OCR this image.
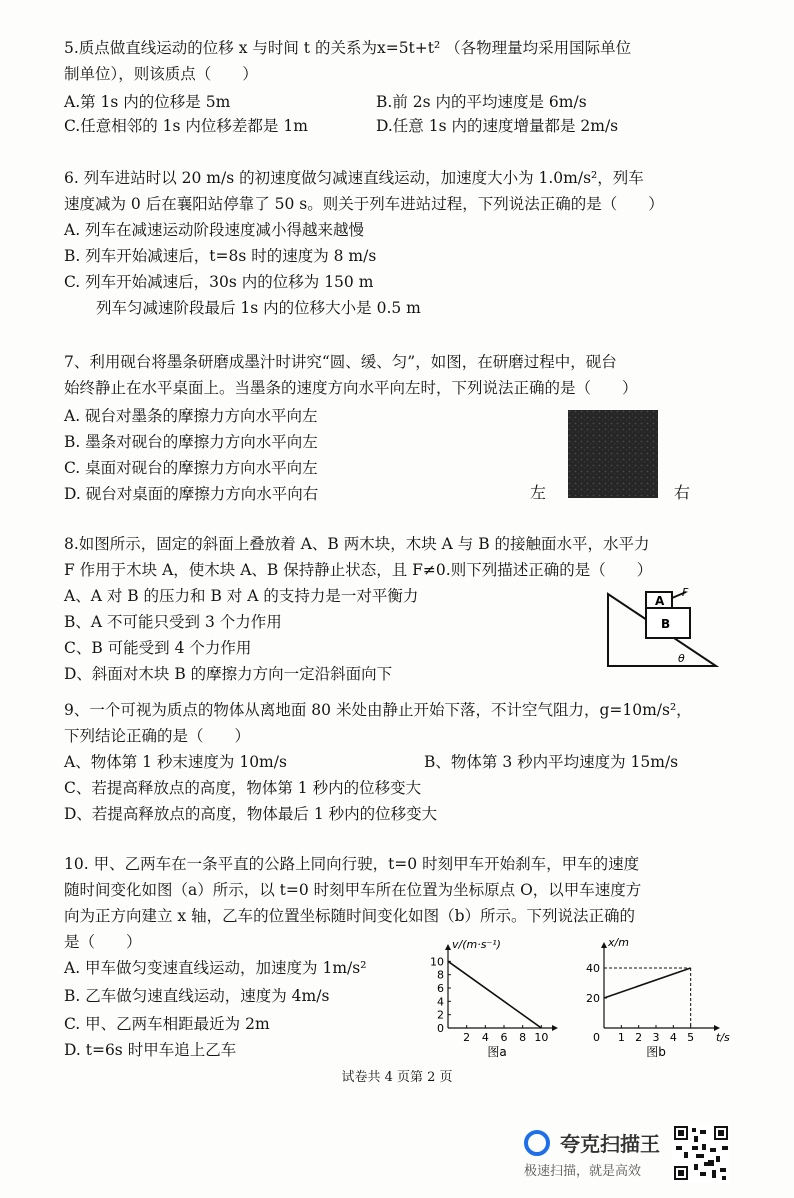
5.质点做直线运动的位移 x 与时间 t 的关系为x=5t+t² （各物理量均采用国际单位
制单位），则该质点（　　）
A.第 1s 内的位移是 5m	B.前 2s 内的平均速度是 6m/s
C.任意相邻的 1s 内位移差都是 1m	D.任意 1s 内的速度增量都是 2m/s
6. 列车进站时以 20 m/s 的初速度做匀减速直线运动，加速度大小为 1.0m/s²，列车
速度减为 0 后在襄阳站停靠了 50 s。则关于列车进站过程，下列说法正确的是（　　）
A. 列车在减速运动阶段速度减小得越来越慢
B. 列车开始减速后，t=8s 时的速度为 8 m/s
C. 列车开始减速后，30s 内的位移为 150 m
列车匀减速阶段最后 1s 内的位移大小是 0.5 m
7、利用砚台将墨条研磨成墨汁时讲究“圆、缓、匀”，如图，在研磨过程中，砚台
始终静止在水平桌面上。当墨条的速度方向水平向左时，下列说法正确的是（　　）
A. 砚台对墨条的摩擦力方向水平向左
B. 墨条对砚台的摩擦力方向水平向左
C. 桌面对砚台的摩擦力方向水平向左
D. 砚台对桌面的摩擦力方向水平向右	左	右
8.如图所示，固定的斜面上叠放着 A、B 两木块，木块 A 与 B 的接触面水平，水平力
F 作用于木块 A，使木块 A、B 保持静止状态，且 F≠0.则下列描述正确的是（　　）
A、A 对 B 的压力和 B 对 A 的支持力是一对平衡力
B、A 不可能只受到 3 个力作用
C、B 可能受到 4 个力作用
D、斜面对木块 B 的摩擦力方向一定沿斜面向下
A
B
F
θ
9、一个可视为质点的物体从离地面 80 米处由静止开始下落，不计空气阻力，g=10m/s²，
下列结论正确的是（　　）
A、物体第 1 秒末速度为 10m/s	B、物体第 3 秒内平均速度为 15m/s
C、若提高释放点的高度，物体第 1 秒内的位移变大
D、若提高释放点的高度，物体最后 1 秒内的位移变大
10. 甲、乙两车在一条平直的公路上同向行驶，t=0 时刻甲车开始刹车，甲车的速度
随时间变化如图（a）所示，以 t=0 时刻甲车所在位置为坐标原点 O，以甲车速度方
向为正方向建立 x 轴，乙车的位置坐标随时间变化如图（b）所示。下列说法正确的
是（　　）
A. 甲车做匀变速直线运动，加速度为 1m/s²
B. 乙车做匀速直线运动，速度为 4m/s
C. 甲、乙两车相距最近为 2m
D. t=6s 时甲车追上乙车
2 4 6 8 10
0
2
4
6
8
10
v/(m·s⁻¹)
图a
1 2 3 4 5
20
40
0
x/m
t/s
图b
试卷共 4 页第 2 页
夸克扫描王
极速扫描，就是高效
